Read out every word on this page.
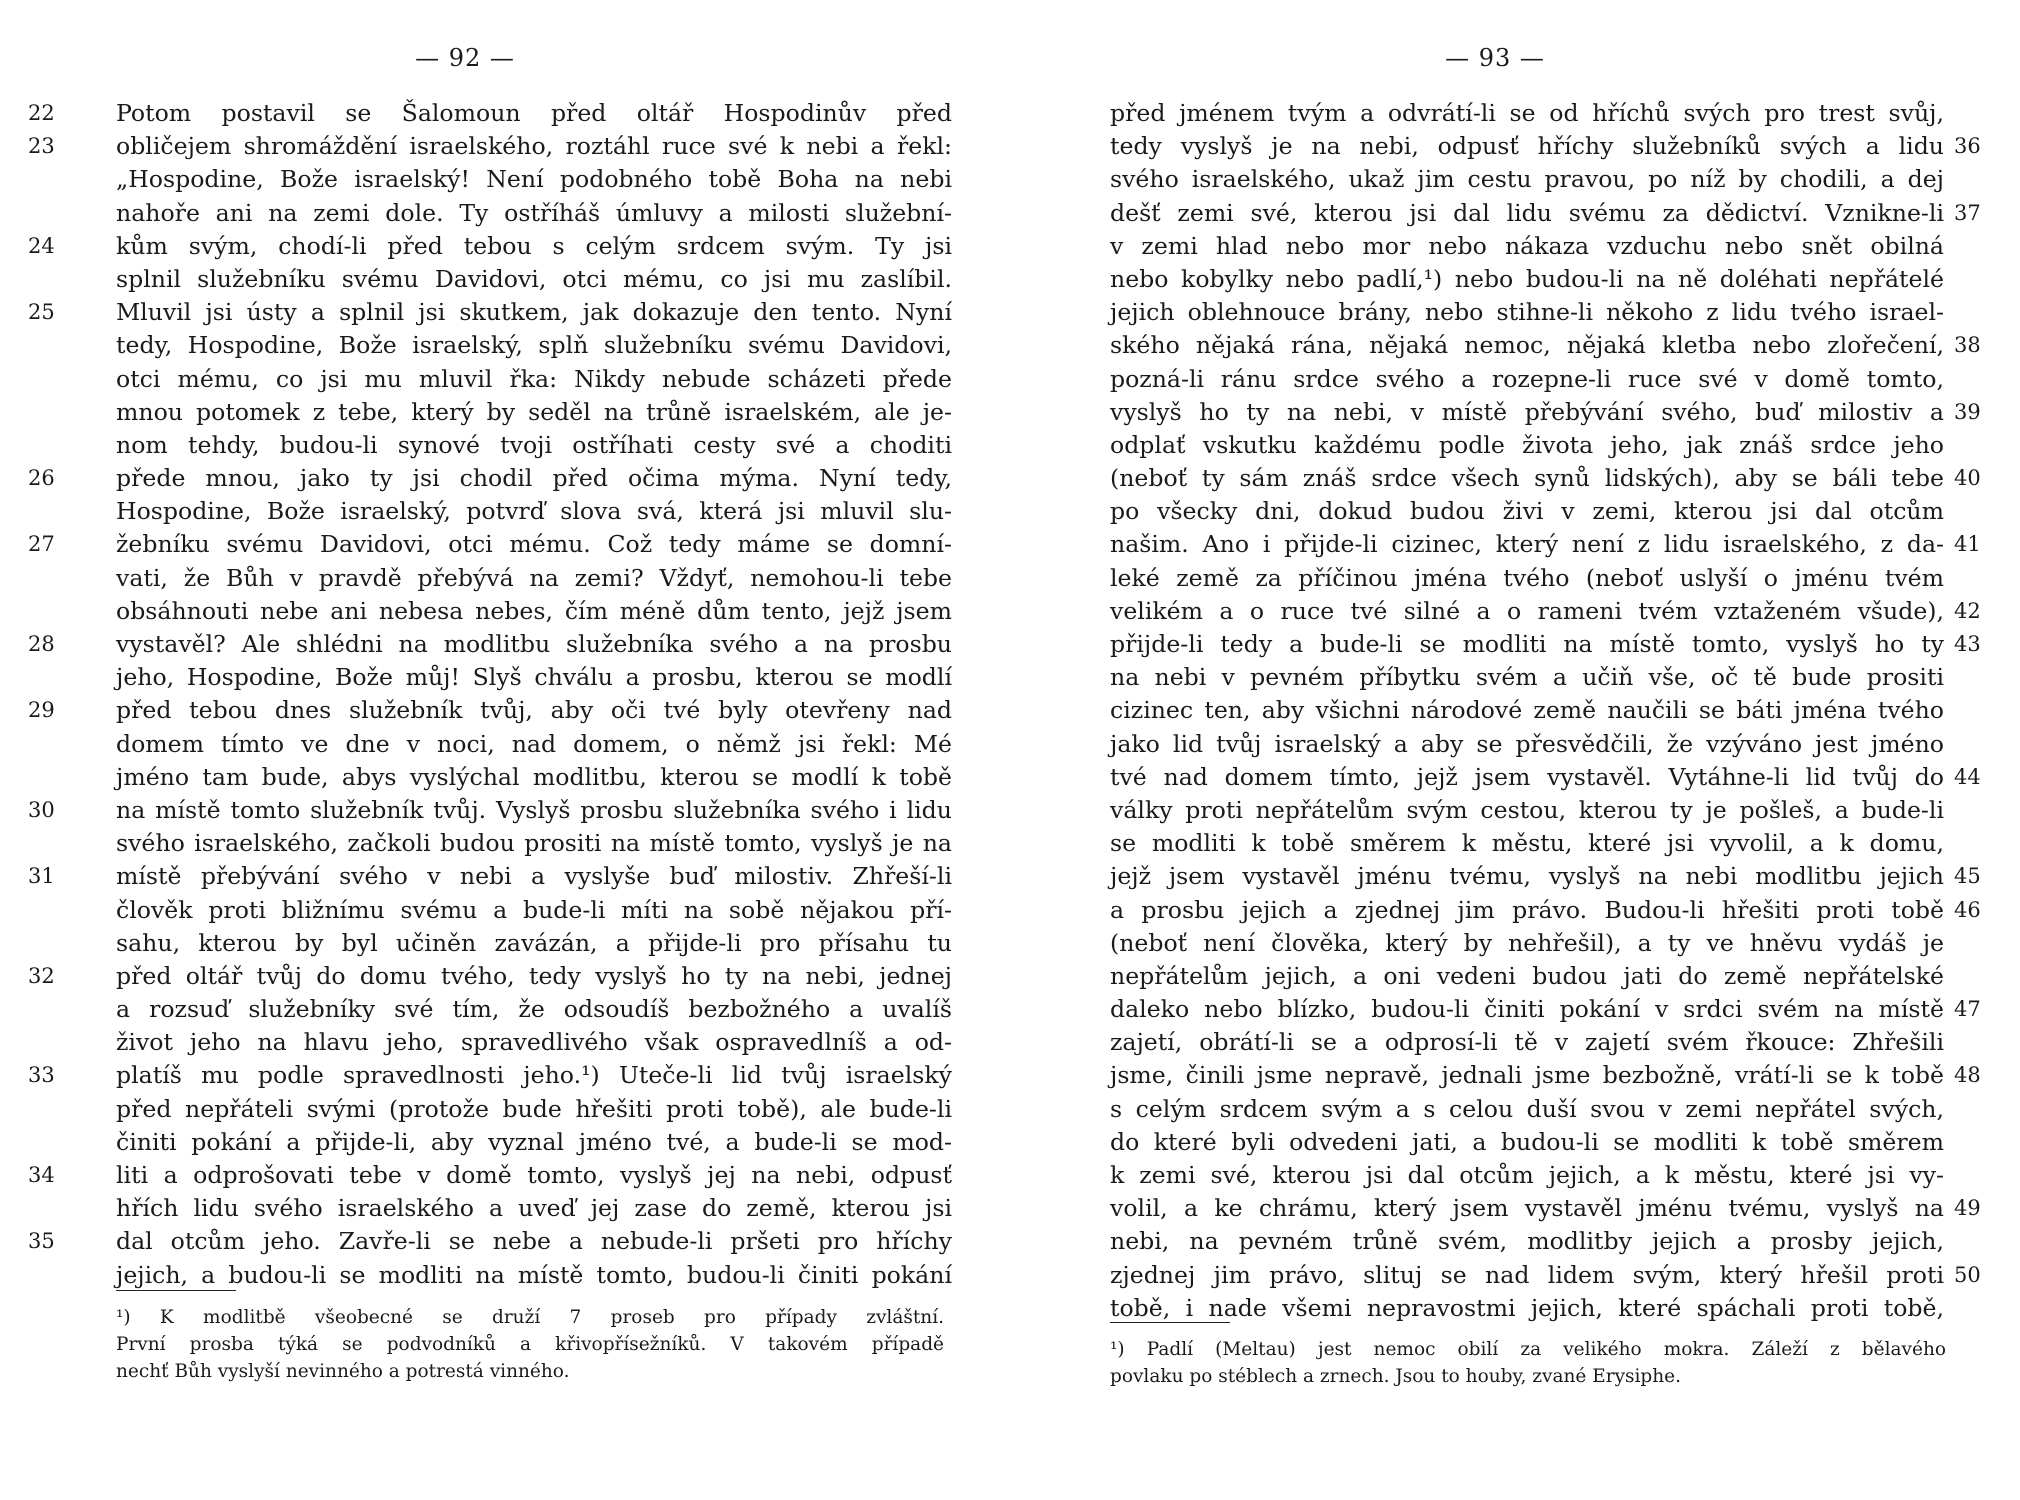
— 92 —
22	Potom postavil se Šalomoun před oltář Hospodinův před
23	obličejem shromáždění israelského, roztáhl ruce své k nebi a řekl:
„Hospodine, Bože israelský! Není podobného tobě Boha na nebi
nahoře ani na zemi dole. Ty ostříháš úmluvy a milosti služební-
24	kům svým, chodí-li před tebou s celým srdcem svým. Ty jsi
splnil služebníku svému Davidovi, otci mému, co jsi mu zaslíbil.
25	Mluvil jsi ústy a splnil jsi skutkem, jak dokazuje den tento. Nyní
tedy, Hospodine, Bože israelský, splň služebníku svému Davidovi,
otci mému, co jsi mu mluvil řka: Nikdy nebude scházeti přede
mnou potomek z tebe, který by seděl na trůně israelském, ale je-
nom tehdy, budou-li synové tvoji ostříhati cesty své a choditi
26	přede mnou, jako ty jsi chodil před očima mýma. Nyní tedy,
Hospodine, Bože israelský, potvrď slova svá, která jsi mluvil slu-
27	žebníku svému Davidovi, otci mému. Což tedy máme se domní-
vati, že Bůh v pravdě přebývá na zemi? Vždyť, nemohou-li tebe
obsáhnouti nebe ani nebesa nebes, čím méně dům tento, jejž jsem
28	vystavěl? Ale shlédni na modlitbu služebníka svého a na prosbu
jeho, Hospodine, Bože můj! Slyš chválu a prosbu, kterou se modlí
29	před tebou dnes služebník tvůj, aby oči tvé byly otevřeny nad
domem tímto ve dne v noci, nad domem, o němž jsi řekl: Mé
jméno tam bude, abys vyslýchal modlitbu, kterou se modlí k tobě
30	na místě tomto služebník tvůj. Vyslyš prosbu služebníka svého i lidu
svého israelského, začkoli budou prositi na místě tomto, vyslyš je na
31	místě přebývání svého v nebi a vyslyše buď milostiv. Zhřeší-li
člověk proti bližnímu svému a bude-li míti na sobě nějakou pří-
sahu, kterou by byl učiněn zavázán, a přijde-li pro přísahu tu
32	před oltář tvůj do domu tvého, tedy vyslyš ho ty na nebi, jednej
a rozsuď služebníky své tím, že odsoudíš bezbožného a uvalíš
život jeho na hlavu jeho, spravedlivého však ospravedlníš a od-
33	platíš mu podle spravedlnosti jeho.¹) Uteče-li lid tvůj israelský
před nepřáteli svými (protože bude hřešiti proti tobě), ale bude-li
činiti pokání a přijde-li, aby vyznal jméno tvé, a bude-li se mod-
34	liti a odprošovati tebe v domě tomto, vyslyš jej na nebi, odpusť
hřích lidu svého israelského a uveď jej zase do země, kterou jsi
35	dal otcům jeho. Zavře-li se nebe a nebude-li pršeti pro hříchy
jejich, a budou-li se modliti na místě tomto, budou-li činiti pokání
¹) K modlitbě všeobecné se druží 7 proseb pro případy zvláštní.
První prosba týká se podvodníků a křivopřísežníků. V takovém případě
nechť Bůh vyslyší nevinného a potrestá vinného.
— 93 —
před jménem tvým a odvrátí-li se od hříchů svých pro trest svůj,
36
tedy vyslyš je na nebi, odpusť hříchy služebníků svých a lidu
svého israelského, ukaž jim cestu pravou, po níž by chodili, a dej
37
dešť zemi své, kterou jsi dal lidu svému za dědictví. Vznikne-li
v zemi hlad nebo mor nebo nákaza vzduchu nebo snět obilná
nebo kobylky nebo padlí,¹) nebo budou-li na ně doléhati nepřátelé
jejich oblehnouce brány, nebo stihne-li někoho z lidu tvého israel-
38
ského nějaká rána, nějaká nemoc, nějaká kletba nebo zlořečení,
pozná-li ránu srdce svého a rozepne-li ruce své v domě tomto,
39
vyslyš ho ty na nebi, v místě přebývání svého, buď milostiv a
odplať vskutku každému podle života jeho, jak znáš srdce jeho
40
(neboť ty sám znáš srdce všech synů lidských), aby se báli tebe
po všecky dni, dokud budou živi v zemi, kterou jsi dal otcům
41
našim. Ano i přijde-li cizinec, který není z lidu israelského, z da-
leké země za příčinou jména tvého (neboť uslyší o jménu tvém
42
velikém a o ruce tvé silné a o rameni tvém vztaženém všude),
43
přijde-li tedy a bude-li se modliti na místě tomto, vyslyš ho ty
na nebi v pevném příbytku svém a učiň vše, oč tě bude prositi
cizinec ten, aby všichni národové země naučili se báti jména tvého
jako lid tvůj israelský a aby se přesvědčili, že vzýváno jest jméno
44
tvé nad domem tímto, jejž jsem vystavěl. Vytáhne-li lid tvůj do
války proti nepřátelům svým cestou, kterou ty je pošleš, a bude-li
se modliti k tobě směrem k městu, které jsi vyvolil, a k domu,
45
jejž jsem vystavěl jménu tvému, vyslyš na nebi modlitbu jejich
46
a prosbu jejich a zjednej jim právo. Budou-li hřešiti proti tobě
(neboť není člověka, který by nehřešil), a ty ve hněvu vydáš je
nepřátelům jejich, a oni vedeni budou jati do země nepřátelské
47
daleko nebo blízko, budou-li činiti pokání v srdci svém na místě
zajetí, obrátí-li se a odprosí-li tě v zajetí svém řkouce: Zhřešili
48
jsme, činili jsme nepravě, jednali jsme bezbožně, vrátí-li se k tobě
s celým srdcem svým a s celou duší svou v zemi nepřátel svých,
do které byli odvedeni jati, a budou-li se modliti k tobě směrem
k zemi své, kterou jsi dal otcům jejich, a k městu, které jsi vy-
49
volil, a ke chrámu, který jsem vystavěl jménu tvému, vyslyš na
nebi, na pevném trůně svém, modlitby jejich a prosby jejich,
50
zjednej jim právo, slituj se nad lidem svým, který hřešil proti
tobě, i nade všemi nepravostmi jejich, které spáchali proti tobě,
¹) Padlí (Meltau) jest nemoc obilí za velikého mokra. Záleží z bělavého
povlaku po stéblech a zrnech. Jsou to houby, zvané Erysiphe.
